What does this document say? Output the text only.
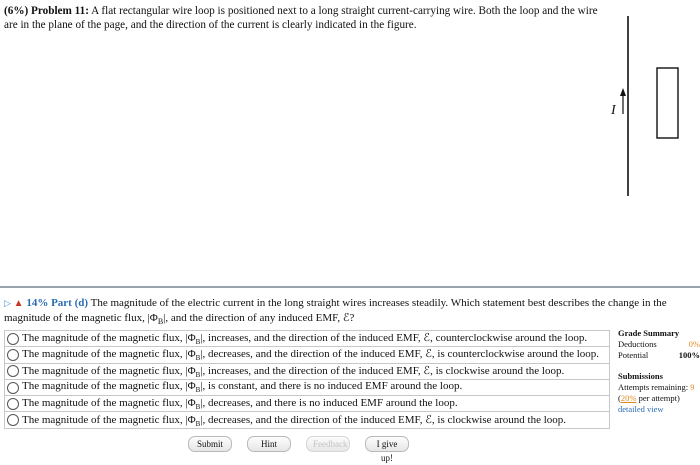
(6%) Problem 11: A flat rectangular wire loop is positioned next to a long straight current-carrying wire. Both the loop and the wire
are in the plane of the page, and the direction of the current is clearly indicated in the figure.
I
▷ ▲ 14% Part (d) The magnitude of the electric current in the long straight wires increases steadily. Which statement best describes the change in the
magnitude of the magnetic flux, $|\Phi_B|$, and the direction of any induced EMF, ℰ?
The magnitude of the magnetic flux, $|\Phi_B|$, increases, and the direction of the induced EMF, ℰ, counterclockwise around the loop.
The magnitude of the magnetic flux, $|\Phi_B|$, decreases, and the direction of the induced EMF, ℰ, is counterclockwise around the loop.
The magnitude of the magnetic flux, $|\Phi_B|$, increases, and the direction of the induced EMF, ℰ, is clockwise around the loop.
The magnitude of the magnetic flux, $|\Phi_B|$, is constant, and there is no induced EMF around the loop.
The magnitude of the magnetic flux, $|\Phi_B|$, decreases, and there is no induced EMF around the loop.
The magnitude of the magnetic flux, $|\Phi_B|$, decreases, and the direction of the induced EMF, ℰ, is clockwise around the loop.
Grade Summary
Deductions	0%
Potential	100%
Submissions
Attempts remaining: 9
(20% per attempt)
detailed view
Submit	Hint	Feedback	I give up!
